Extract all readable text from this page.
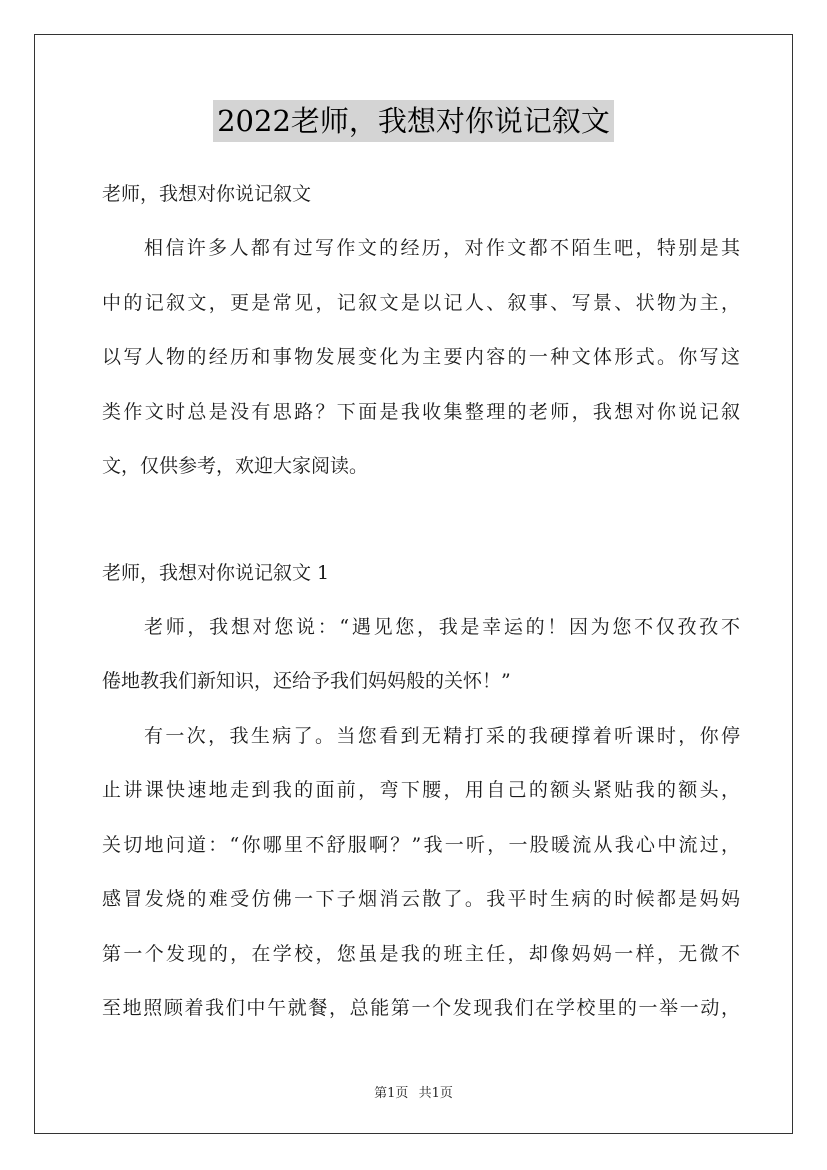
2022老师，我想对你说记叙文
老师，我想对你说记叙文
相信许多人都有过写作文的经历，对作文都不陌生吧，特别是其
中的记叙文，更是常见，记叙文是以记人、叙事、写景、状物为主，
以写人物的经历和事物发展变化为主要内容的一种文体形式。你写这
类作文时总是没有思路？下面是我收集整理的老师，我想对你说记叙
文，仅供参考，欢迎大家阅读。
老师，我想对你说记叙文 1
老师，我想对您说：“遇见您，我是幸运的！因为您不仅孜孜不
倦地教我们新知识，还给予我们妈妈般的关怀！”
有一次，我生病了。当您看到无精打采的我硬撑着听课时，你停
止讲课快速地走到我的面前，弯下腰，用自己的额头紧贴我的额头，
关切地问道：“你哪里不舒服啊？”我一听，一股暖流从我心中流过，
感冒发烧的难受仿佛一下子烟消云散了。我平时生病的时候都是妈妈
第一个发现的，在学校，您虽是我的班主任，却像妈妈一样，无微不
至地照顾着我们中午就餐，总能第一个发现我们在学校里的一举一动，
第1页 共1页
